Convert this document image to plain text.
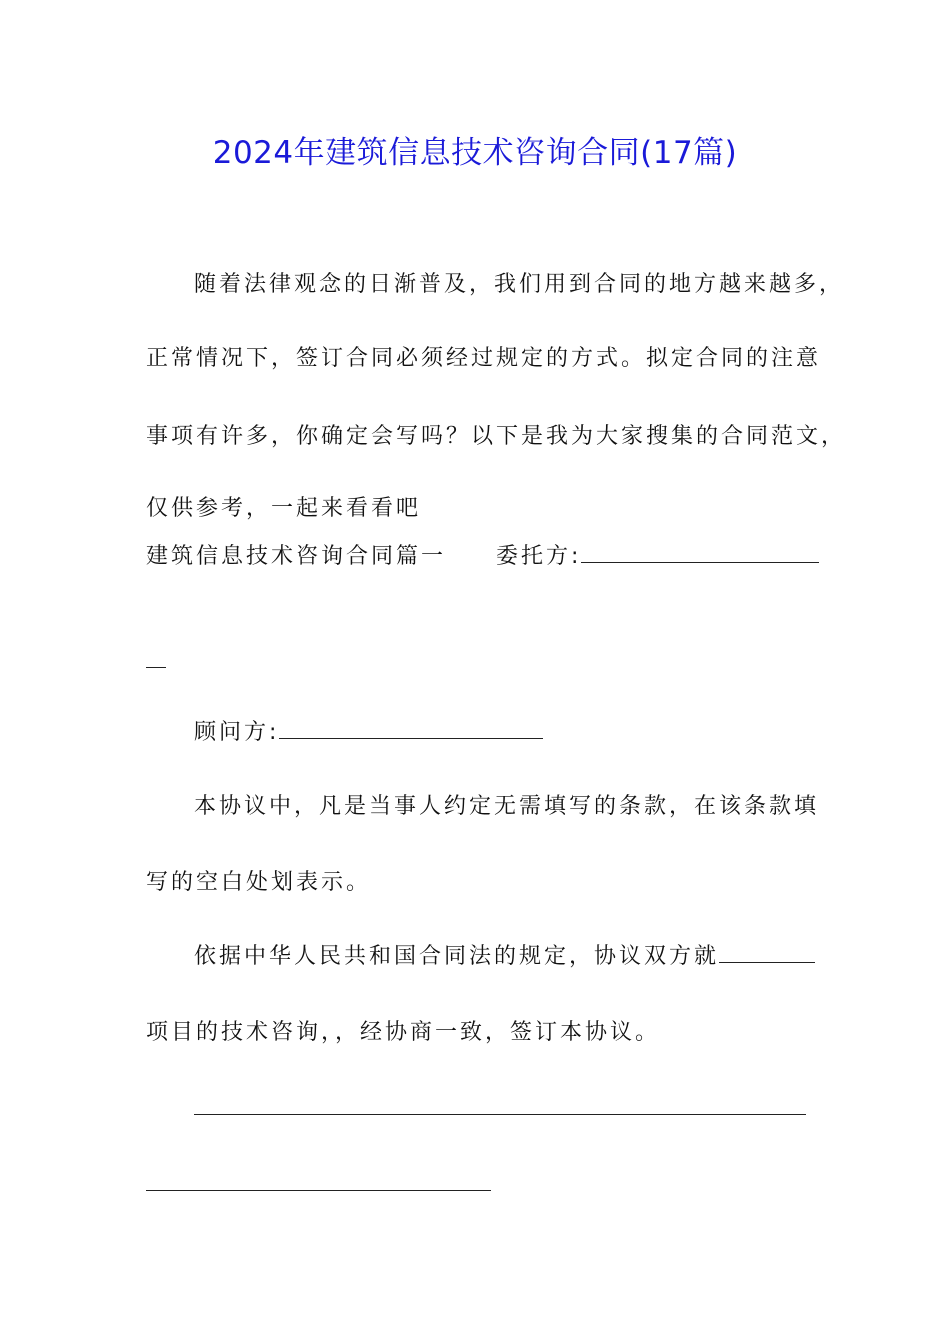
2024年建筑信息技术咨询合同(17篇)
随着法律观念的日渐普及，我们用到合同的地方越来越多，
正常情况下，签订合同必须经过规定的方式。拟定合同的注意
事项有许多，你确定会写吗？以下是我为大家搜集的合同范文，
仅供参考，一起来看看吧
建筑信息技术咨询合同篇一 委托方:
顾问方:
本协议中，凡是当事人约定无需填写的条款，在该条款填
写的空白处划表示。
依据中华人民共和国合同法的规定，协议双方就
项目的技术咨询，，经协商一致，签订本协议。
